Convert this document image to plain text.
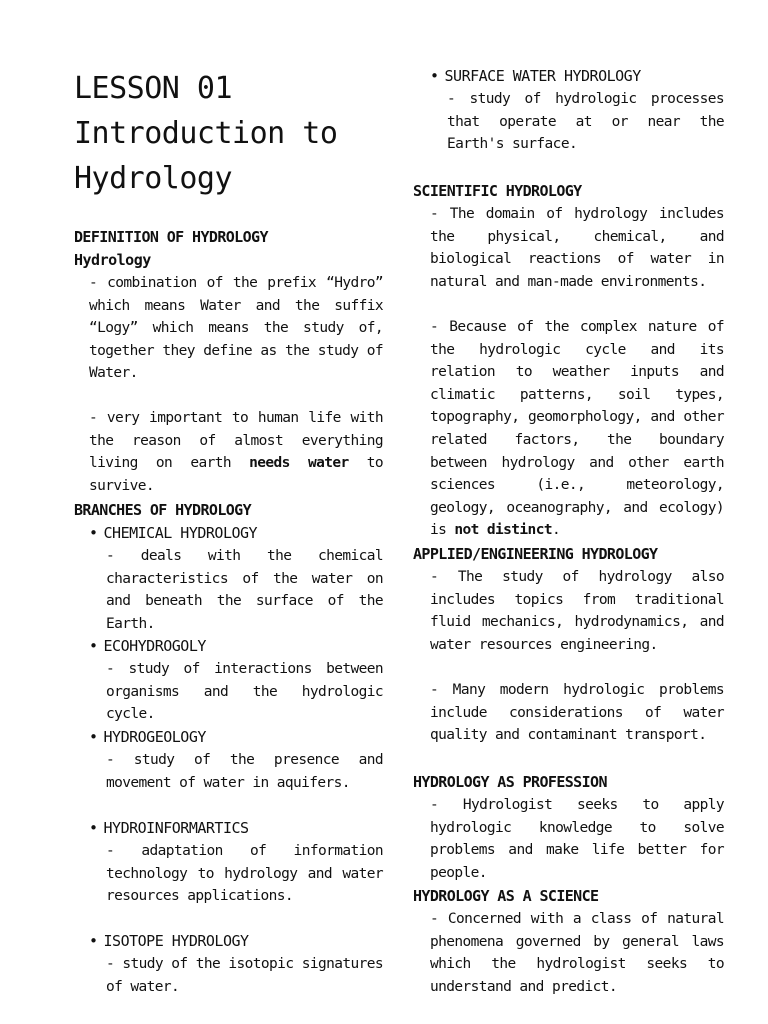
LESSON 01
Introduction to
Hydrology
DEFINITION OF HYDROLOGY
Hydrology

- combination of the prefix “Hydro” which means Water and the suffix “Logy” which means the study of, together they define as the study of Water.

- very important to human life with the reason of almost everything living on earth needs water to survive.

BRANCHES OF HYDROLOGY
• CHEMICAL HYDROLOGY

- deals with the chemical characteristics of the water on and beneath the surface of the Earth.

• ECOHYDROGOLY

- study of interactions between organisms and the hydrologic cycle.

• HYDROGEOLOGY

- study of the presence and movement of water in aquifers.

• HYDROINFORMARTICS

- adaptation of information technology to hydrology and water resources applications.

• ISOTOPE HYDROLOGY

- study of the isotopic signatures of water.

• SURFACE WATER HYDROLOGY

- study of hydrologic processes that operate at or near the Earth's surface.

SCIENTIFIC HYDROLOGY

- The domain of hydrology includes the physical, chemical, and biological reactions of water in natural and man-made environments.

- Because of the complex nature of the hydrologic cycle and its relation to weather inputs and climatic patterns, soil types, topography, geomorphology, and other related factors, the boundary between hydrology and other earth sciences (i.e., meteorology, geology, oceanography, and ecology) is not distinct.

APPLIED/ENGINEERING HYDROLOGY

- The study of hydrology also includes topics from traditional fluid mechanics, hydrodynamics, and water resources engineering.

- Many modern hydrologic problems include considerations of water quality and contaminant transport.

HYDROLOGY AS PROFESSION

- Hydrologist seeks to apply hydrologic knowledge to solve problems and make life better for people.

HYDROLOGY AS A SCIENCE

- Concerned with a class of natural phenomena governed by general laws which the hydrologist seeks to understand and predict.
